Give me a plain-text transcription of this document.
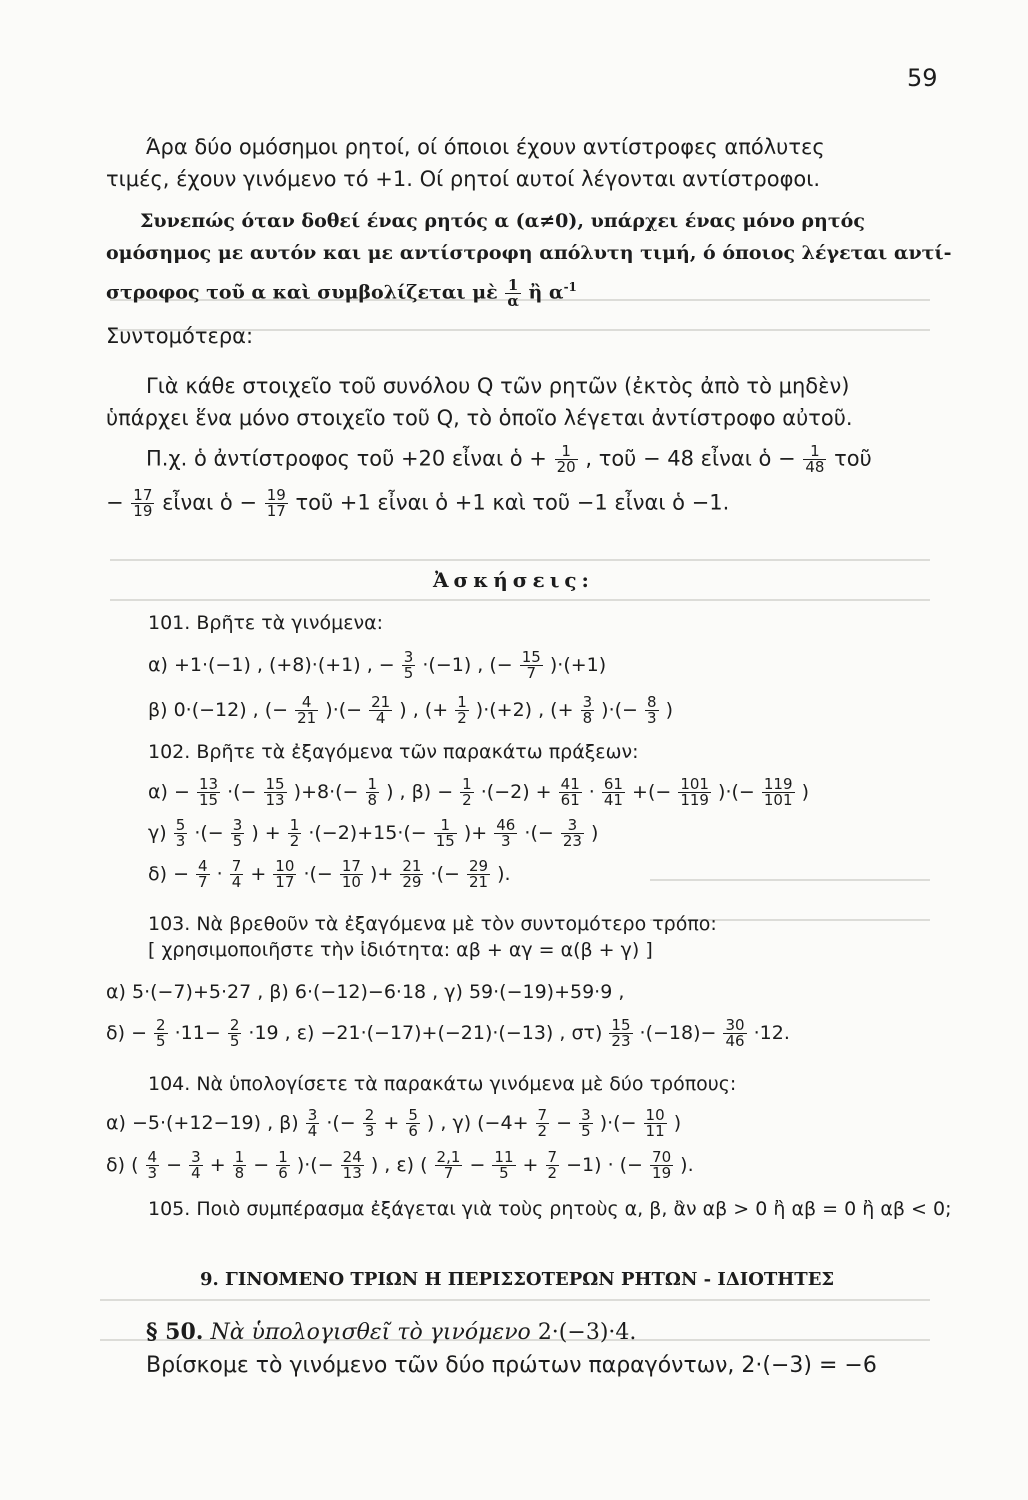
59
Άρα δύο ομόσημοι ρητοί, οί όποιοι έχουν αντίστροφες απόλυτες
τιμές, έχουν γινόμενο τό +1. Οί ρητοί αυτοί λέγονται αντίστροφοι.
Συνεπώς όταν δοθεί ένας ρητός α (α≠0), υπάρχει ένας μόνο ρητός
ομόσημος με αυτόν και με αντίστροφη απόλυτη τιμή, ό όποιος λέγεται αντί-
στροφος τοῦ α καὶ συμβολίζεται μὲ $\frac{1}{\alpha}$ ἢ $\alpha^{-1}$
Συντομότερα:
Γιὰ κάθε στοιχεῖο τοῦ συνόλου Q τῶν ρητῶν (ἐκτὸς ἀπὸ τὸ μηδὲν)
ὑπάρχει ἕνα μόνο στοιχεῖο τοῦ Q, τὸ ὁποῖο λέγεται ἀντίστροφο αὐτοῦ.
Π.χ. ὁ ἀντίστροφος τοῦ +20 εἶναι ὁ + $\frac{1}{20}$ , τοῦ − 48 εἶναι ὁ − $\frac{1}{48}$ τοῦ
− $\frac{17}{19}$ εἶναι ὁ − $\frac{19}{17}$ τοῦ +1 εἶναι ὁ +1 καὶ τοῦ −1 εἶναι ὁ −1.
Ἀσκήσεις:
101. Βρῆτε τὰ γινόμενα:
α) +1·(−1) , (+8)·(+1) , − $\frac{3}{5} \cdot(-1)$ , (− $\frac{15}{7} )\cdot(+1)$
β) 0·(−12) , (− $\frac{4}{21}$ )·(− $\frac{21}{4}$ ) , (+ $\frac{1}{2} )\cdot(+2)$ , (+ $\frac{3}{8}$ )·(− $\frac{8}{3}$ )
102. Βρῆτε τὰ ἐξαγόμενα τῶν παρακάτω πράξεων:
$\alpha) - \frac{13}{15}$ ·(− $\frac{15}{13} )+8\cdot(- \frac{1}{8}$ ) , $\beta) - \frac{1}{2} \cdot(-2) + \frac{41}{61} \cdot \frac{61}{41}$ +(− $\frac{101}{119}$ )·(− $\frac{119}{101}$ )
$\gamma) \frac{5}{3}$ ·(− $\frac{3}{5}$ ) + $\frac{1}{2} \cdot(-2)+15\cdot(- \frac{1}{15}$ )+ $\frac{46}{3}$ ·(− $\frac{3}{23}$ )
$\delta) - \frac{4}{7} \cdot \frac{7}{4} + \frac{10}{17}$ ·(− $\frac{17}{10}$ )+ $\frac{21}{29}$ ·(− $\frac{29}{21}$ ).
103. Νὰ βρεθοῦν τὰ ἐξαγόμενα μὲ τὸν συντομότερο τρόπο:
[ χρησιμοποιῆστε τὴν ἰδιότητα: αβ + αγ = α(β + γ) ]
α) 5·(−7)+5·27 , β) 6·(−12)−6·18 , γ) 59·(−19)+59·9 ,
$\delta) - \frac{2}{5} \cdot 11- \frac{2}{5} \cdot 19$ , ε) −21·(−17)+(−21)·(−13) , $\sigma\tau) \frac{15}{23} \cdot(-18)- \frac{30}{46} \cdot 12$.
104. Νὰ ὑπολογίσετε τὰ παρακάτω γινόμενα μὲ δύο τρόπους:
α) −5·(+12−19) , $\beta) \frac{3}{4}$ ·(− $\frac{2}{3} + \frac{5}{6}$ ) , γ) ($-4+ \frac{7}{2} - \frac{3}{5}$ )·(− $\frac{10}{11}$ )
δ) ( $\frac{4}{3} - \frac{3}{4} + \frac{1}{8} - \frac{1}{6}$ )·(− $\frac{24}{13}$ ) , ε) ( $\frac{2,1}{7} - \frac{11}{5} + \frac{7}{2} -1$) · (− $\frac{70}{19}$ ).
105. Ποιὸ συμπέρασμα ἐξάγεται γιὰ τοὺς ρητοὺς α, β, ἂν αβ > 0 ἢ αβ = 0 ἢ αβ < 0;
9. ΓΙΝΟΜΕΝΟ ΤΡΙΩΝ Η ΠΕΡΙΣΣΟΤΕΡΩΝ ΡΗΤΩΝ - ΙΔΙΟΤΗΤΕΣ
§ 50. Νὰ ὑπολογισθεῖ τὸ γινόμενο 2·(−3)·4.
Βρίσκομε τὸ γινόμενο τῶν δύο πρώτων παραγόντων, 2·(−3) = −6
